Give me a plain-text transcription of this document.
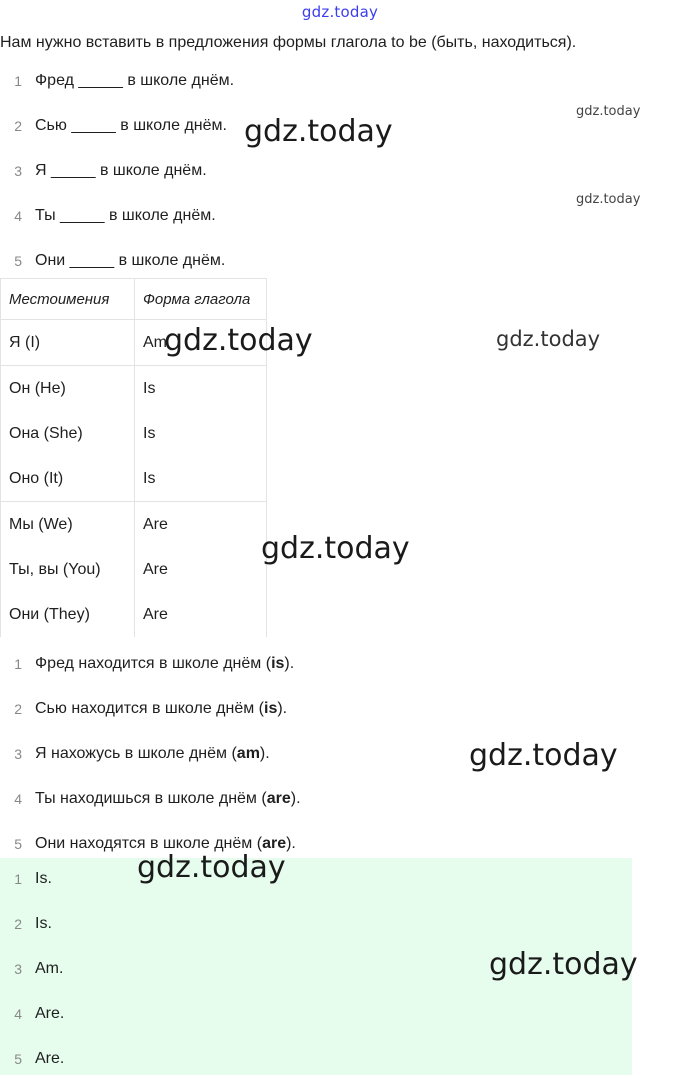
gdz.today
Нам нужно вставить в предложения формы глагола to be (быть, находиться).
1 Фред _____ в школе днём.
2 Сью _____ в школе днём.
3 Я _____ в школе днём.
4 Ты _____ в школе днём.
5 Они _____ в школе днём.
Местоимения	Форма глагола
Я (I)	Am
Он (He)	Is
Она (She)	Is
Оно (It)	Is
Мы (We)	Are
Ты, вы (You)	Are
Они (They)	Are
1 Фред находится в школе днём (is).
2 Сью находится в школе днём (is).
3 Я нахожусь в школе днём (am).
4 Ты находишься в школе днём (are).
5 Они находятся в школе днём (are).
1 Is.
2 Is.
3 Am.
4 Are.
5 Are.
gdz.today
gdz.today
gdz.today
gdz.today	gdz.today
gdz.today
gdz.today
gdz.today
gdz.today
